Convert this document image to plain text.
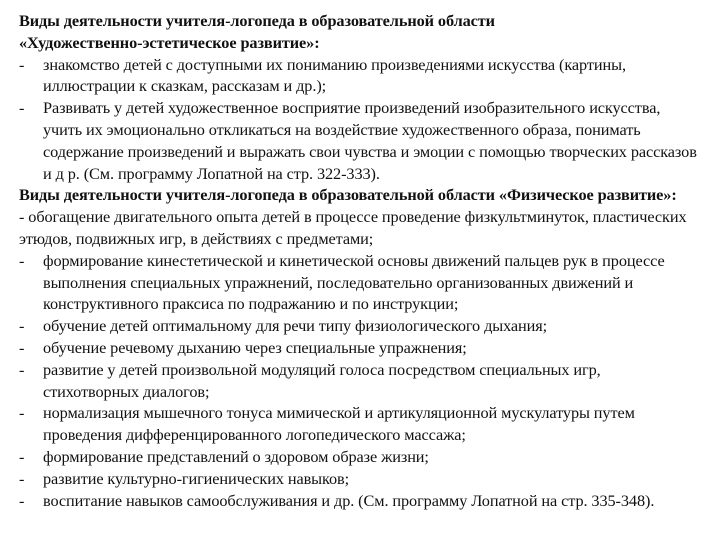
Виды деятельности учителя-логопеда в образовательной области
«Художественно-эстетическое развитие»:
-	знакомство детей с доступными их пониманию произведениями искусства (картины, иллюстрации к сказкам, рассказам и др.);
-	Развивать у детей художественное восприятие произведений изобразительного искусства, учить их эмоционально откликаться на воздействие художественного образа, понимать содержание произведений и выражать свои чувства и эмоции с помощью творческих рассказов и д р. (См. программу Лопатной на стр. 322-333).
Виды деятельности учителя-логопеда в образовательной области «Физическое развитие»:
- обогащение двигательного опыта детей в процессе проведение физкультминуток, пластических этюдов, подвижных игр, в действиях с предметами;
-	формирование кинестетической и кинетической основы движений пальцев рук в процессе выполнения специальных упражнений, последовательно организованных движений и конструктивного праксиса по подражанию и по инструкции;
-	обучение детей оптимальному для речи типу физиологического дыхания;
-	обучение речевому дыханию через специальные упражнения;
-	развитие у детей произвольной модуляций голоса посредством специальных игр, стихотворных диалогов;
-	нормализация мышечного тонуса мимической и артикуляционной мускулатуры путем проведения дифференцированного логопедического массажа;
-	формирование представлений о здоровом образе жизни;
-	развитие культурно-гигиенических навыков;
-	воспитание навыков самообслуживания и др. (См. программу Лопатной на стр. 335-348).
